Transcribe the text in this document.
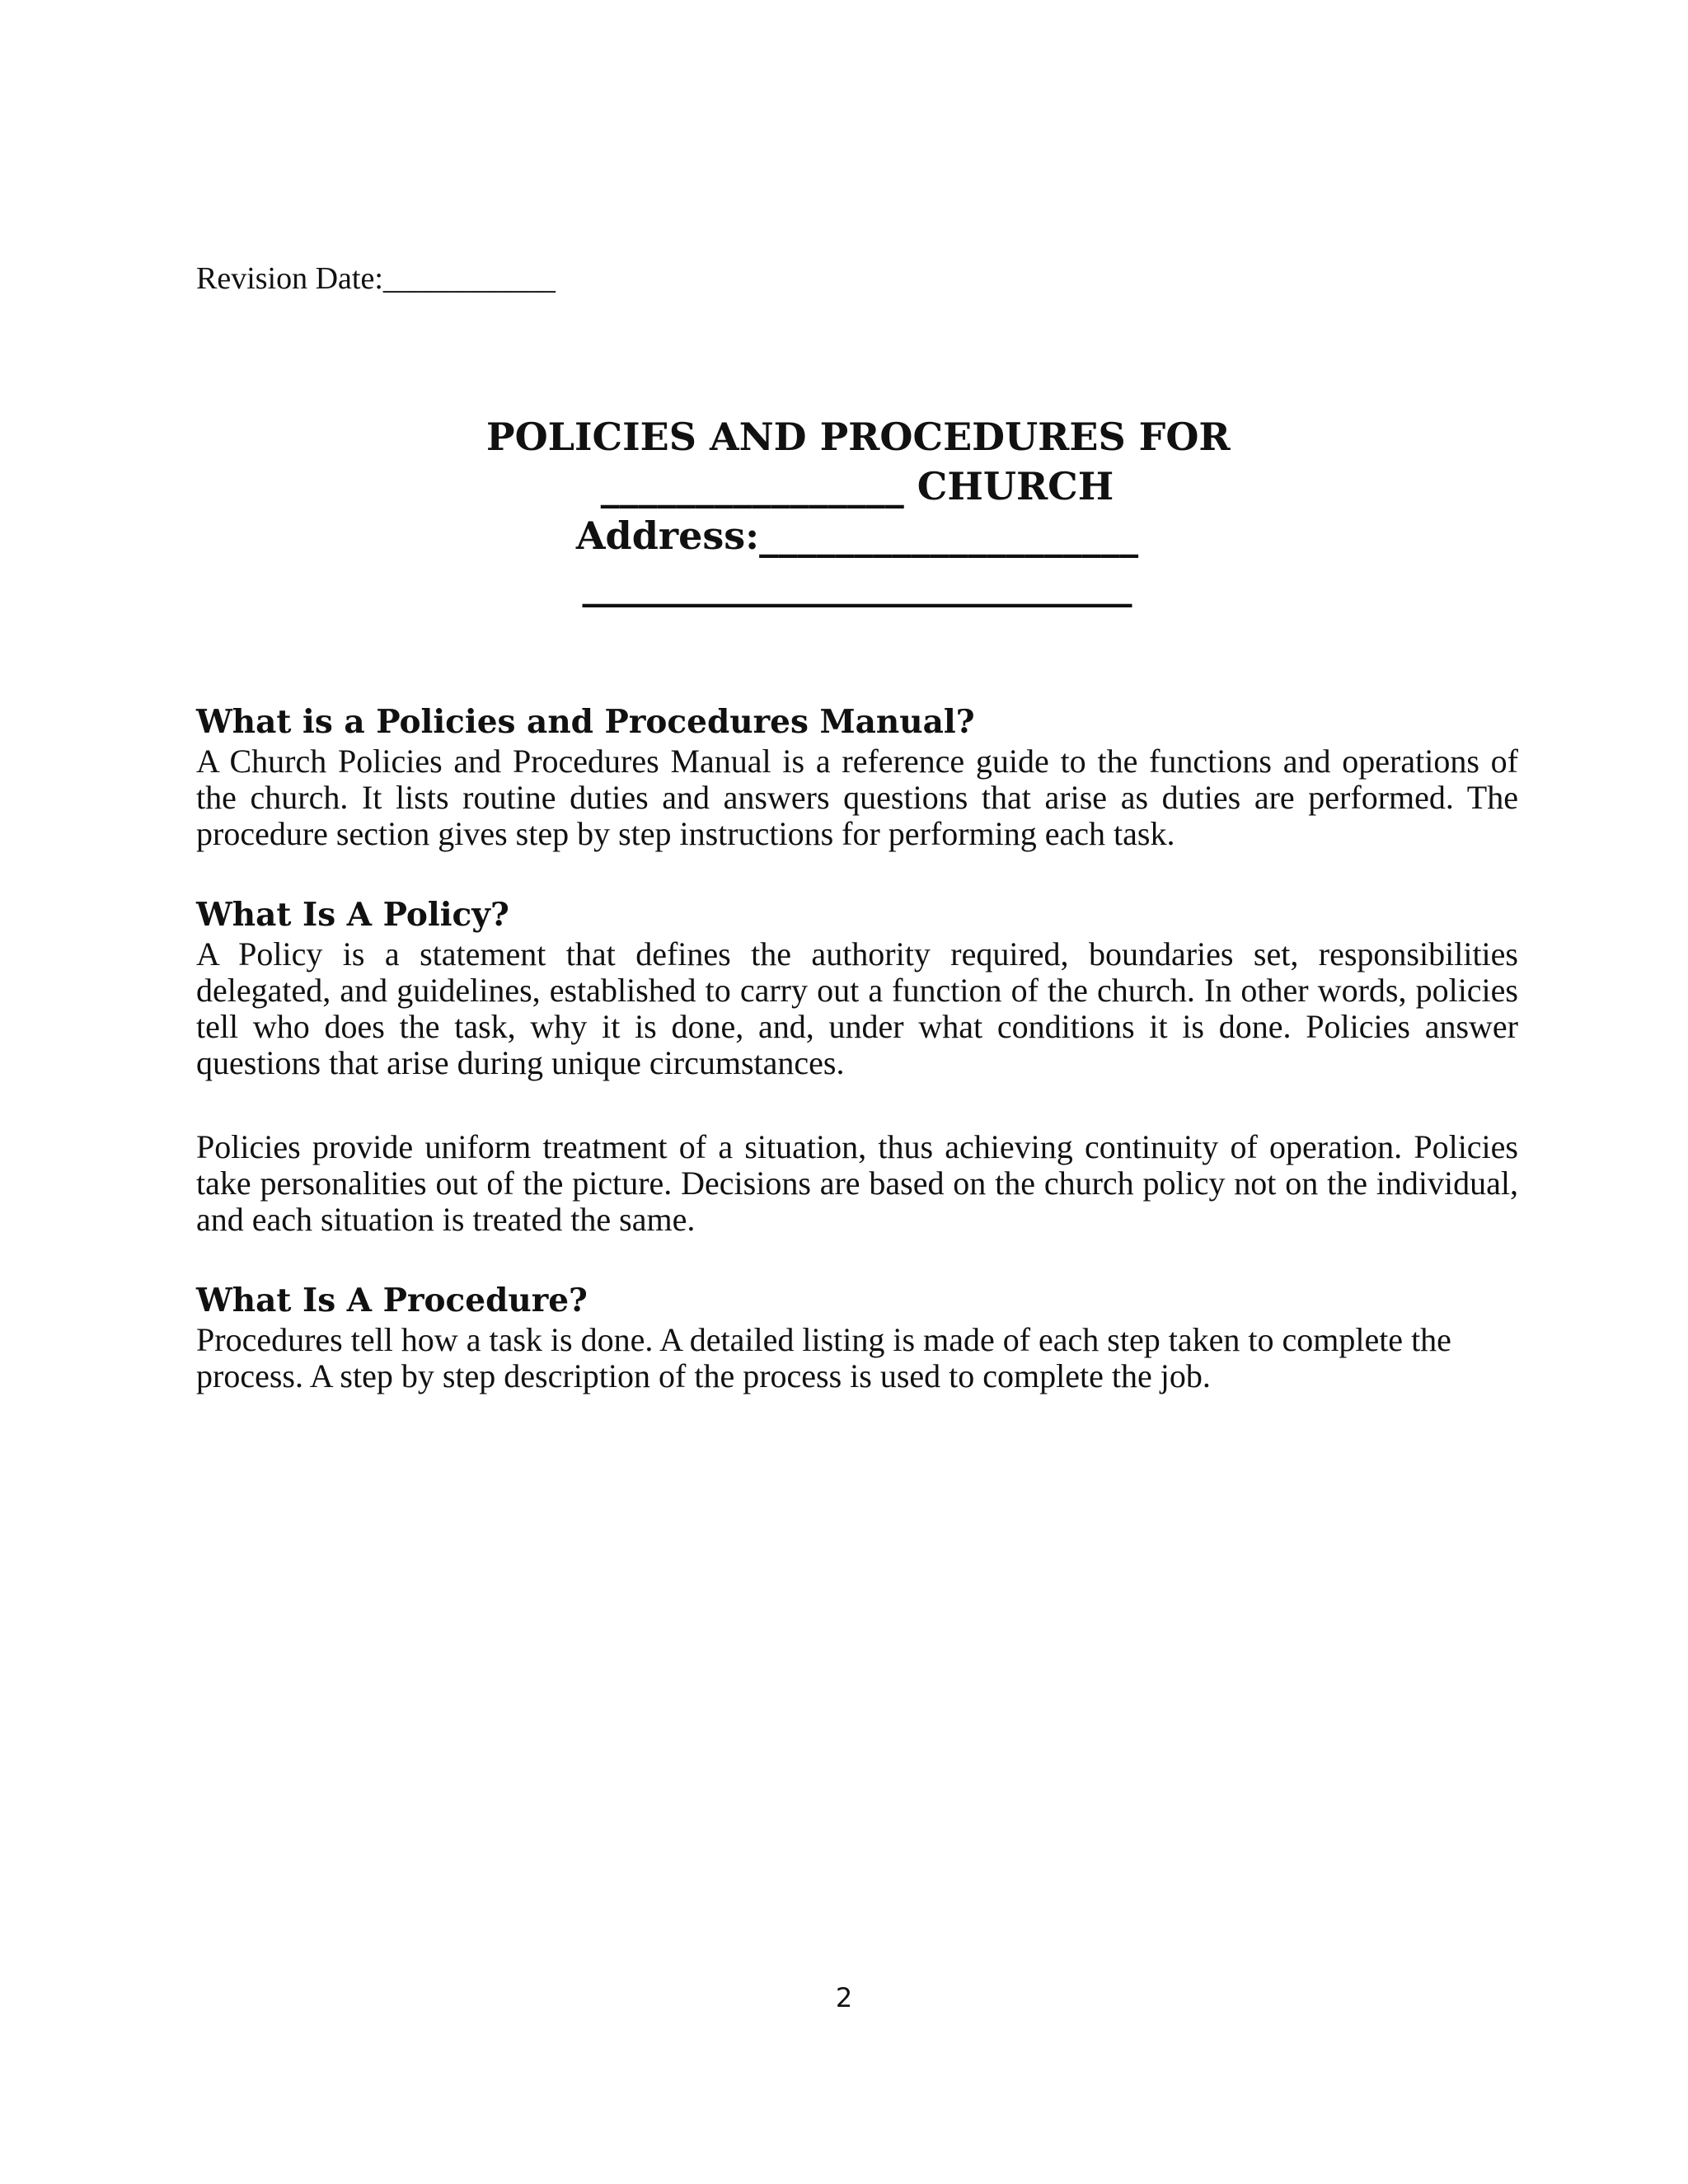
Revision Date:___________
POLICIES AND PROCEDURES FOR
________________ CHURCH
Address:____________________
_____________________________
What is a Policies and Procedures Manual?

A Church Policies and Procedures Manual is a reference guide to the functions and operations of the church. It lists routine duties and answers questions that arise as duties are performed. The procedure section gives step by step instructions for performing each task.

What Is A Policy?

A Policy is a statement that defines the authority required, boundaries set, responsibilities delegated, and guidelines, established to carry out a function of the church. In other words, policies tell who does the task, why it is done, and, under what conditions it is done. Policies answer questions that arise during unique circumstances.

Policies provide uniform treatment of a situation, thus achieving continuity of operation. Policies take personalities out of the picture. Decisions are based on the church policy not on the individual, and each situation is treated the same.

What Is A Procedure?

Procedures tell how a task is done. A detailed listing is made of each step taken to complete the process. A step by step description of the process is used to complete the job.

2
